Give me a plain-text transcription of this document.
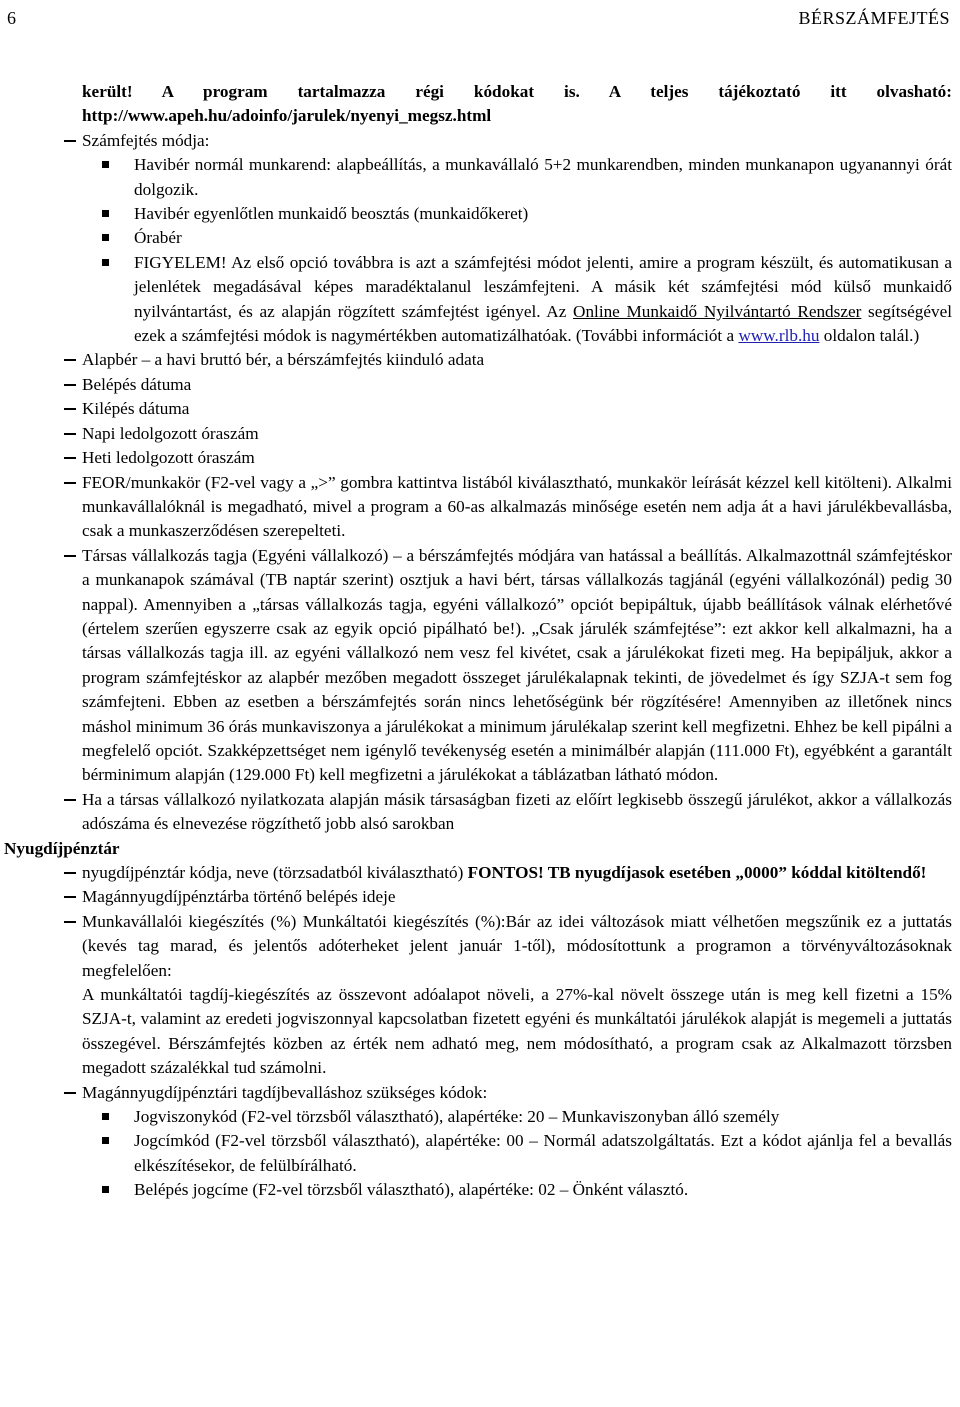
6	BÉRSZÁMFEJTÉS

került! A program tartalmazza régi kódokat is. A teljes tájékoztató itt olvasható: http://www.apeh.hu/adoinfo/jarulek/nyenyi_megsz.html

Számfejtés módja:
Havibér normál munkarend: alapbeállítás, a munkavállaló 5+2 munkarendben, minden munkanapon ugyanannyi órát dolgozik.
Havibér egyenlőtlen munkaidő beosztás (munkaidőkeret)
Órabér
FIGYELEM! Az első opció továbbra is azt a számfejtési módot jelenti, amire a program készült, és automatikusan a jelenlétek megadásával képes maradéktalanul leszámfejteni. A másik két számfejtési mód külső munkaidő nyilvántartást, és az alapján rögzített számfejtést igényel. Az Online Munkaidő Nyilvántartó Rendszer segítségével ezek a számfejtési módok is nagymértékben automatizálhatóak. (További információt a www.rlb.hu oldalon talál.)
Alapbér – a havi bruttó bér, a bérszámfejtés kiinduló adata
Belépés dátuma
Kilépés dátuma
Napi ledolgozott óraszám
Heti ledolgozott óraszám
FEOR/munkakör (F2-vel vagy a „>” gombra kattintva listából kiválasztható, munkakör leírását kézzel kell kitölteni). Alkalmi munkavállalóknál is megadható, mivel a program a 60-as alkalmazás minősége esetén nem adja át a havi járulékbevallásba, csak a munkaszerződésen szerepelteti.
Társas vállalkozás tagja (Egyéni vállalkozó) – a bérszámfejtés módjára van hatással a beállítás. Alkalmazottnál számfejtéskor a munkanapok számával (TB naptár szerint) osztjuk a havi bért, társas vállalkozás tagjánál (egyéni vállalkozónál) pedig 30 nappal). Amennyiben a „társas vállalkozás tagja, egyéni vállalkozó” opciót bepipáltuk, újabb beállítások válnak elérhetővé (értelem szerűen egyszerre csak az egyik opció pipálható be!). „Csak járulék számfejtése”: ezt akkor kell alkalmazni, ha a társas vállalkozás tagja ill. az egyéni vállalkozó nem vesz fel kivétet, csak a járulékokat fizeti meg. Ha bepipáljuk, akkor a program számfejtéskor az alapbér mezőben megadott összeget járulékalapnak tekinti, de jövedelmet és így SZJA-t sem fog számfejteni. Ebben az esetben a bérszámfejtés során nincs lehetőségünk bér rögzítésére! Amennyiben az illetőnek nincs máshol minimum 36 órás munkaviszonya a járulékokat a minimum járulékalap szerint kell megfizetni. Ehhez be kell pipálni a megfelelő opciót. Szakképzettséget nem igénylő tevékenység esetén a minimálbér alapján (111.000 Ft), egyébként a garantált bérminimum alapján (129.000 Ft) kell megfizetni a járulékokat a táblázatban látható módon.
Ha a társas vállalkozó nyilatkozata alapján másik társaságban fizeti az előírt legkisebb összegű járulékot, akkor a vállalkozás adószáma és elnevezése rögzíthető jobb alsó sarokban
Nyugdíjpénztár
nyugdíjpénztár kódja, neve (törzsadatból kiválasztható) FONTOS! TB nyugdíjasok esetében „0000” kóddal kitöltendő!
Magánnyugdíjpénztárba történő belépés ideje
Munkavállalói kiegészítés (%) Munkáltatói kiegészítés (%):Bár az idei változások miatt vélhetően megszűnik ez a juttatás (kevés tag marad, és jelentős adóterheket jelent január 1-től), módosítottunk a programon a törvényváltozásoknak megfelelően:
A munkáltatói tagdíj-kiegészítés az összevont adóalapot növeli, a 27%-kal növelt összege után is meg kell fizetni a 15% SZJA-t, valamint az eredeti jogviszonnyal kapcsolatban fizetett egyéni és munkáltatói járulékok alapját is megemeli a juttatás összegével. Bérszámfejtés közben az érték nem adható meg, nem módosítható, a program csak az Alkalmazott törzsben megadott százalékkal tud számolni.
Magánnyugdíjpénztári tagdíjbevalláshoz szükséges kódok:
Jogviszonykód (F2-vel törzsből választható), alapértéke: 20 – Munkaviszonyban álló személy
Jogcímkód (F2-vel törzsből választható), alapértéke: 00 – Normál adatszolgáltatás. Ezt a kódot ajánlja fel a bevallás elkészítésekor, de felülbírálható.
Belépés jogcíme (F2-vel törzsből választható), alapértéke: 02 – Önként választó.
